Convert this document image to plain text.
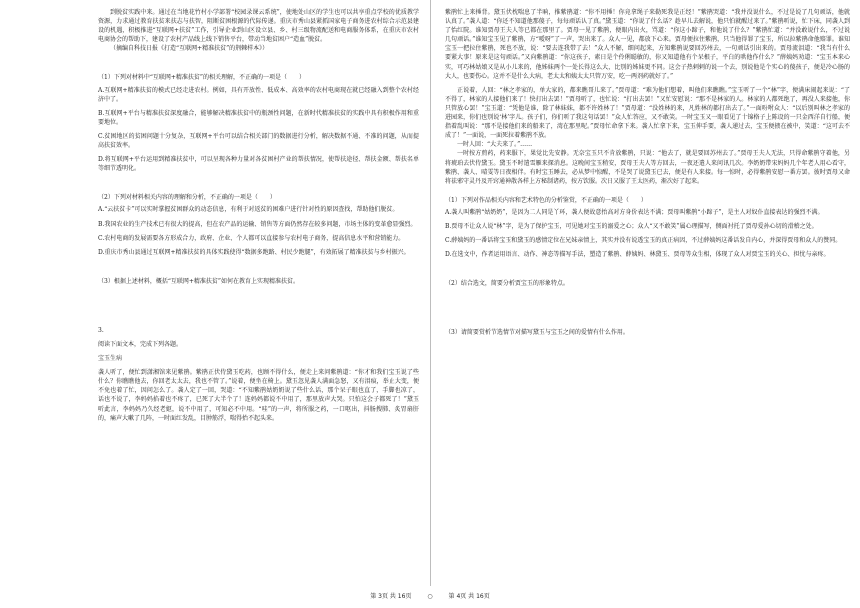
到脱贫实践中来。通过在当地花竹村小学部署“校园录课云系统”，使地处山区的学生也可以共享重点学校的优质教学资源，力求通过教育扶贫来扶志与扶智，阻断贫困根源的代际传递。重庆市秀山县紧抓国家电子商务进农村综合示范县建设的机遇，积极推进“互联网+扶贫”工作，引导企业到山区设立县、乡、村三级物流配送和电商服务体系，在重庆市农村电商协会的帮助下，建设了农村产品线上线下销售平台，带动当地贫困户“造血”脱贫。

（摘编自科技日报《打造“互联网+精准扶贫”的荆棘样本》）

（1）下列对材料中“互联网+精准扶贫”的相关理解，不正确的一项是（　　）

A.互联网+精准扶贫的模式已经走进农村。例如，具有开放性、低成本、高效率的农村电商现在就已经融入到整个农村经济中了。

B.互联网+平台与精准扶贫深度融合，能够解决精准扶贫中的瓶颈性问题，在新时代精准扶贫的实践中具有积极作用和重要地位。

C.贫困地区的贫困问题十分复杂，互联网+平台可以结合相关部门的数据进行分析，解决数据不通、不准的问题，从而提高扶贫效率。

D.将互联网+平台运用到精准扶贫中，可以呈现各种力量对各贫困村产业的帮扶情况，使帮扶途径、帮扶金额、帮扶名单等细节透明化。

（2）下列对材料相关内容的理解和分析，不正确的一项是（　　）

A.“云扶贫卡”可以实时掌握贫困群众的动态信息，有利于对返贫的困难户进行针对性的原因查找，帮助他们脱贫。

B.我国农业的生产技术已有很大的提高，但在农产品的运输、销售等方面仍然存在较多问题，市场主体的变革愈显强烈。

C.农村电商的发展需要各方形成合力，政府、企业、个人都可以直接参与农村电子商务，提高信息水平和营销能力。

D.重庆市秀山县通过互联网+精准扶贫的具体实践使得“数据多跑路、村民少跑腿”，有效拓展了精准扶贫与乡村振兴。

（3）根据上述材料，概括“互联网+精准扶贫”如何在教育上实现精准扶贫。

3.

阅读下面文本，完成下列各题。

宝玉生病

袭人听了，便忙到潇湘馆来见紫鹃。紫鹃正伏侍黛玉吃药，也顾不得什么，便走上来问紫鹃道：“你才和我们宝玉说了些什么？你瞧瞧他去，你回老太太去，我也不管了。”说着，便坐在椅上。黛玉忽见袭人满面急怒，又有泪痕，举止大变，便不免也着了忙，因问怎么了。袭人定了一回，哭道：“不知紫鹃姑奶奶说了些什么话，那个呆子眼也直了，手脚也凉了，话也不说了，李妈妈掐着也不疼了，已死了大半个了！连妈妈都说不中用了，那里放声大哭。只怕这会子都死了！”黛玉听此言，李妈妈乃久经老妪，说不中用了，可知必不中用。“哇”的一声，将所服之药，一口呕出，抖肠搜肺、炙胃扇肝的，痛声大嗽了几阵，一时面红发乱，目肿筋浮，喘得抬不起头来。

紫鹃忙上来捶背。黛玉伏枕喘息了半晌，推紫鹃道：“你不用捶！你竟拿绳子来勒死我是正经！”紫鹃哭道：“我并没说什么，不过是说了几句顽话，他就认真了。”袭人道：“你还不知道他那傻子，每每顽话认了真。”黛玉道：“你说了什么话？趁早儿去解说，他只怕就醒过来了。”紫鹃听说，忙下床，同袭人到了怡红院。谁知贾母王夫人等已都在那里了。贾母一见了紫鹃，便眼内出火，骂道：“你这小蹄子，和他说了什么？”紫鹃忙道：“并没敢说什么，不过说几句顽话。”谁知宝玉见了紫鹃，方“嗳呀”了一声，哭出来了。众人一见，都放下心来。贾母便拉住紫鹃，只当他得罪了宝玉，所以拉紫鹃命他赔罪。谁知宝玉一把拉住紫鹃，死也不放，说：“要去连我带了去！”众人不解，细问起来，方知紫鹃说要回苏州去，一句顽话引出来的。贾母流泪道：“我当有什么要紧大事！原来是这句顽话。”又向紫鹃道：“你这孩子，素日是个伶俐聪敏的，你又知道他有个呆根子，平白的哄他作什么？”薛姨妈劝道：“宝玉本来心实，可巧林姑娘又是从小儿来的，他姊妹两个一处长得这么大，比别的姊妹更不同。这会子热剌剌的说一个去，别说他是个实心的傻孩子，便是冷心肠的大人，也要伤心。这并不是什么大病，老太太和姨太太只管万安，吃一两剂药就好了。”

正说着，人回：“林之孝家的，单大家的，都来瞧哥儿来了。”贾母道：“难为他们想着，叫他们来瞧瞧。”宝玉听了一个“林”字，便满床闹起来说：“了不得了，林家的人接他们来了！快打出去罢！”贾母听了，也忙说：“打出去罢！”又忙安慰说：“那不是林家的人。林家的人都死绝了，再没人来接他，你只管放心罢！”宝玉道：“凭他是谁，除了林妹妹，都不许姓林了！”贾母道：“没姓林的来，凡姓林的都打出去了。”一面吩咐众人：“以后别叫林之孝家的进园来，你们也别说‘林’字儿。孩子们，你们听了我这句话罢！”众人忙答应，又不敢笑。一时宝玉又一眼看见了十锦格子上陈设的一只金西洋自行船，便指着乱叫说：“那不是接他们来的船来了，湾在那里呢。”贾母忙命拿下来。袭人忙拿下来，宝玉伸手要，袭人递过去，宝玉便掖在被中，笑道：“这可去不成了！”一面说，一面死拉着紫鹃不放。

一时人回：“大夫来了。”……

一时按方煎药，药来服下，果觉比先安静。无奈宝玉只不肯放紫鹃，只说：“他去了，就是要回苏州去了。”贾母王夫人无法，只得命紫鹃守着他，另将琥珀去伏侍黛玉。黛玉不时遣雪雁来探消息。这晚间宝玉稍安，贾母王夫人等方回去，一夜还遣人来问讯几次。李奶奶带宋妈妈几个年老人用心看守，紫鹃、袭人、晴雯等日夜相伴。有时宝玉睡去，必从梦中惊醒，不是哭了说黛玉已去，便是有人来接。每一惊时，必得紫鹃安慰一番方罢。彼时贾母又命将祛邪守灵丹及开窍通神散各样上方秘制诸药，按方饮服。次日又服了王太医药，渐次好了起来。

（1）下列对作品相关内容和艺术特色的分析鉴赏，不正确的一项是（　　）

A.袭人叫紫鹃“姑奶奶”，是因为二人同是丫环，袭人便故意抬高对方身价表达不满；贾母叫紫鹃“小蹄子”，是主人对奴仆直接表达的强烈不满。

B.贾母不让众人说“林”字，是为了保护宝玉，可见她对宝玉的溺爱之心；众人“又不敢笑”属心理描写，侧面衬托了贾母爱孙心切的滑稽之处。

C.薛姨妈的一番话将宝玉和黛玉的感情定位在兄妹亲情上，其实并没有说透宝玉的真正病因，不过薛姨妈这番话发自内心，并深得贾母和众人的赞同。

D.在选文中，作者运用语言、动作、神态等描写手法，塑造了紫鹃、薛姨妈、林黛玉、贾母等众生相，体现了众人对贾宝玉的关心、担忧与亲疼。

（2）结合选文，简要分析贾宝玉的形象特点。

（3）请简要赏析节选情节对描写黛玉与宝玉之间的爱情有什么作用。

第 3页 共 16页	○	第 4页 共 16页
